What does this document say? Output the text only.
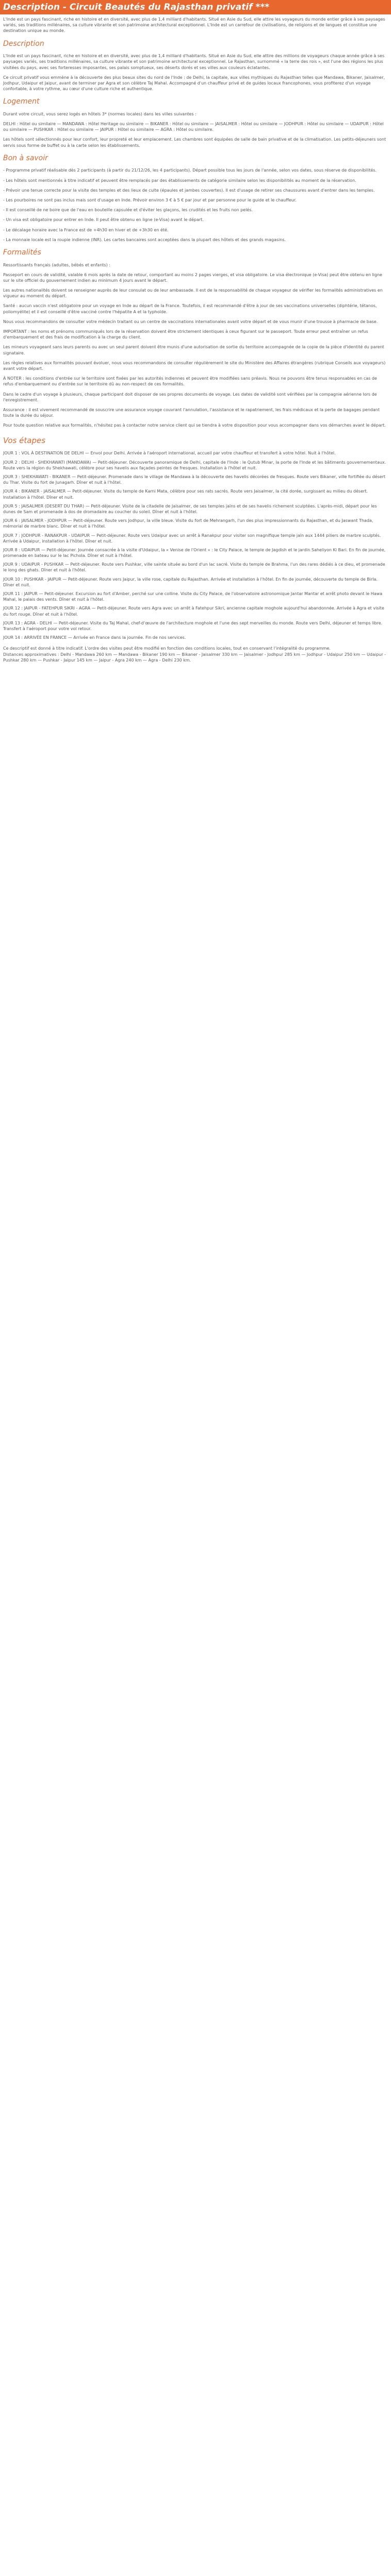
Description - Circuit Beautés du Rajasthan privatif ***

L'Inde est un pays fascinant, riche en histoire et en diversité, avec plus de 1,4 milliard d'habitants. Situé en Asie du Sud, elle attire les voyageurs du monde entier grâce à ses paysages variés, ses traditions millénaires, sa culture vibrante et son patrimoine architectural exceptionnel. L'Inde est un carrefour de civilisations, de religions et de langues et constitue une destination unique au monde.

Description

L'Inde est un pays fascinant, riche en histoire et en diversité, avec plus de 1,4 milliard d'habitants. Situé en Asie du Sud, elle attire des millions de voyageurs chaque année grâce à ses paysages variés, ses traditions millénaires, sa culture vibrante et son patrimoine architectural exceptionnel. Le Rajasthan, surnommé « la terre des rois », est l'une des régions les plus visitées du pays, avec ses forteresses imposantes, ses palais somptueux, ses déserts dorés et ses villes aux couleurs éclatantes.

Ce circuit privatif vous emmène à la découverte des plus beaux sites du nord de l'Inde : de Delhi, la capitale, aux villes mythiques du Rajasthan telles que Mandawa, Bikaner, Jaisalmer, Jodhpur, Udaipur et Jaipur, avant de terminer par Agra et son célèbre Taj Mahal. Accompagné d'un chauffeur privé et de guides locaux francophones, vous profiterez d'un voyage confortable, à votre rythme, au cœur d'une culture riche et authentique.

Logement

Durant votre circuit, vous serez logés en hôtels 3* (normes locales) dans les villes suivantes :

DELHI : Hôtel ou similaire — MANDAWA : Hôtel Heritage ou similaire — BIKANER : Hôtel ou similaire — JAISALMER : Hôtel ou similaire — JODHPUR : Hôtel ou similaire — UDAIPUR : Hôtel ou similaire — PUSHKAR : Hôtel ou similaire — JAIPUR : Hôtel ou similaire — AGRA : Hôtel ou similaire.

Les hôtels sont sélectionnés pour leur confort, leur propreté et leur emplacement. Les chambres sont équipées de salle de bain privative et de la climatisation. Les petits-déjeuners sont servis sous forme de buffet ou à la carte selon les établissements.

Bon à savoir

- Programme privatif réalisable dès 2 participants (à partir du 21/12/26, les 4 participants). Départ possible tous les jours de l'année, selon vos dates, sous réserve de disponibilités.

- Les hôtels sont mentionnés à titre indicatif et peuvent être remplacés par des établissements de catégorie similaire selon les disponibilités au moment de la réservation.

- Prévoir une tenue correcte pour la visite des temples et des lieux de culte (épaules et jambes couvertes). Il est d'usage de retirer ses chaussures avant d'entrer dans les temples.

- Les pourboires ne sont pas inclus mais sont d'usage en Inde. Prévoir environ 3 € à 5 € par jour et par personne pour le guide et le chauffeur.

- Il est conseillé de ne boire que de l'eau en bouteille capsulée et d'éviter les glaçons, les crudités et les fruits non pelés.

- Un visa est obligatoire pour entrer en Inde. Il peut être obtenu en ligne (e-Visa) avant le départ.

- Le décalage horaire avec la France est de +4h30 en hiver et de +3h30 en été.

- La monnaie locale est la roupie indienne (INR). Les cartes bancaires sont acceptées dans la plupart des hôtels et des grands magasins.

Formalités

Ressortissants français (adultes, bébés et enfants) :

Passeport en cours de validité, valable 6 mois après la date de retour, comportant au moins 2 pages vierges, et visa obligatoire. Le visa électronique (e-Visa) peut être obtenu en ligne sur le site officiel du gouvernement indien au minimum 4 jours avant le départ.

Les autres nationalités doivent se renseigner auprès de leur consulat ou de leur ambassade. Il est de la responsabilité de chaque voyageur de vérifier les formalités administratives en vigueur au moment du départ.

Santé : aucun vaccin n'est obligatoire pour un voyage en Inde au départ de la France. Toutefois, il est recommandé d'être à jour de ses vaccinations universelles (diphtérie, tétanos, poliomyélite) et il est conseillé d'être vacciné contre l'hépatite A et la typhoïde.

Nous vous recommandons de consulter votre médecin traitant ou un centre de vaccinations internationales avant votre départ et de vous munir d'une trousse à pharmacie de base.

IMPORTANT : les noms et prénoms communiqués lors de la réservation doivent être strictement identiques à ceux figurant sur le passeport. Toute erreur peut entraîner un refus d'embarquement et des frais de modification à la charge du client.

Les mineurs voyageant sans leurs parents ou avec un seul parent doivent être munis d'une autorisation de sortie du territoire accompagnée de la copie de la pièce d'identité du parent signataire.

Les règles relatives aux formalités pouvant évoluer, nous vous recommandons de consulter régulièrement le site du Ministère des Affaires étrangères (rubrique Conseils aux voyageurs) avant votre départ.

À NOTER : les conditions d'entrée sur le territoire sont fixées par les autorités indiennes et peuvent être modifiées sans préavis. Nous ne pouvons être tenus responsables en cas de refus d'embarquement ou d'entrée sur le territoire dû au non-respect de ces formalités.

Dans le cadre d'un voyage à plusieurs, chaque participant doit disposer de ses propres documents de voyage. Les dates de validité sont vérifiées par la compagnie aérienne lors de l'enregistrement.

Assurance : il est vivement recommandé de souscrire une assurance voyage couvrant l'annulation, l'assistance et le rapatriement, les frais médicaux et la perte de bagages pendant toute la durée du séjour.

Pour toute question relative aux formalités, n'hésitez pas à contacter notre service client qui se tiendra à votre disposition pour vous accompagner dans vos démarches avant le départ.

Vos étapes

JOUR 1 : VOL À DESTINATION DE DELHI — Envol pour Delhi. Arrivée à l'aéroport international, accueil par votre chauffeur et transfert à votre hôtel. Nuit à l'hôtel.

JOUR 2 : DELHI - SHEKHAWATI (MANDAWA) — Petit-déjeuner. Découverte panoramique de Delhi, capitale de l'Inde : le Qutub Minar, la porte de l'Inde et les bâtiments gouvernementaux. Route vers la région du Shekhawati, célèbre pour ses havelis aux façades peintes de fresques. Installation à l'hôtel et nuit.

JOUR 3 : SHEKHAWATI - BIKANER — Petit-déjeuner. Promenade dans le village de Mandawa à la découverte des havelis décorées de fresques. Route vers Bikaner, ville fortifiée du désert du Thar. Visite du fort de Junagarh. Dîner et nuit à l'hôtel.

JOUR 4 : BIKANER - JAISALMER — Petit-déjeuner. Visite du temple de Karni Mata, célèbre pour ses rats sacrés. Route vers Jaisalmer, la cité dorée, surgissant au milieu du désert. Installation à l'hôtel. Dîner et nuit.

JOUR 5 : JAISALMER (DESERT DU THAR) — Petit-déjeuner. Visite de la citadelle de Jaisalmer, de ses temples jaïns et de ses havelis richement sculptées. L'après-midi, départ pour les dunes de Sam et promenade à dos de dromadaire au coucher du soleil. Dîner et nuit à l'hôtel.

JOUR 6 : JAISALMER - JODHPUR — Petit-déjeuner. Route vers Jodhpur, la ville bleue. Visite du fort de Mehrangarh, l'un des plus impressionnants du Rajasthan, et du Jaswant Thada, mémorial de marbre blanc. Dîner et nuit à l'hôtel.

JOUR 7 : JODHPUR - RANAKPUR - UDAIPUR — Petit-déjeuner. Route vers Udaipur avec un arrêt à Ranakpur pour visiter son magnifique temple jaïn aux 1444 piliers de marbre sculptés. Arrivée à Udaipur, installation à l'hôtel. Dîner et nuit.

JOUR 8 : UDAIPUR — Petit-déjeuner. Journée consacrée à la visite d'Udaipur, la « Venise de l'Orient » : le City Palace, le temple de Jagdish et le jardin Saheliyon Ki Bari. En fin de journée, promenade en bateau sur le lac Pichola. Dîner et nuit à l'hôtel.

JOUR 9 : UDAIPUR - PUSHKAR — Petit-déjeuner. Route vers Pushkar, ville sainte située au bord d'un lac sacré. Visite du temple de Brahma, l'un des rares dédiés à ce dieu, et promenade le long des ghats. Dîner et nuit à l'hôtel.

JOUR 10 : PUSHKAR - JAIPUR — Petit-déjeuner. Route vers Jaipur, la ville rose, capitale du Rajasthan. Arrivée et installation à l'hôtel. En fin de journée, découverte du temple de Birla. Dîner et nuit.

JOUR 11 : JAIPUR — Petit-déjeuner. Excursion au fort d'Amber, perché sur une colline. Visite du City Palace, de l'observatoire astronomique Jantar Mantar et arrêt photo devant le Hawa Mahal, le palais des vents. Dîner et nuit à l'hôtel.

JOUR 12 : JAIPUR - FATEHPUR SIKRI - AGRA — Petit-déjeuner. Route vers Agra avec un arrêt à Fatehpur Sikri, ancienne capitale moghole aujourd'hui abandonnée. Arrivée à Agra et visite du fort rouge. Dîner et nuit à l'hôtel.

JOUR 13 : AGRA - DELHI — Petit-déjeuner. Visite du Taj Mahal, chef-d'œuvre de l'architecture moghole et l'une des sept merveilles du monde. Route vers Delhi, déjeuner et temps libre. Transfert à l'aéroport pour votre vol retour.

JOUR 14 : ARRIVÉE EN FRANCE — Arrivée en France dans la journée. Fin de nos services.

Ce descriptif est donné à titre indicatif. L'ordre des visites peut être modifié en fonction des conditions locales, tout en conservant l'intégralité du programme.

Distances approximatives : Delhi - Mandawa 260 km — Mandawa - Bikaner 190 km — Bikaner - Jaisalmer 330 km — Jaisalmer - Jodhpur 285 km — Jodhpur - Udaipur 250 km — Udaipur - Pushkar 280 km — Pushkar - Jaipur 145 km — Jaipur - Agra 240 km — Agra - Delhi 230 km.
